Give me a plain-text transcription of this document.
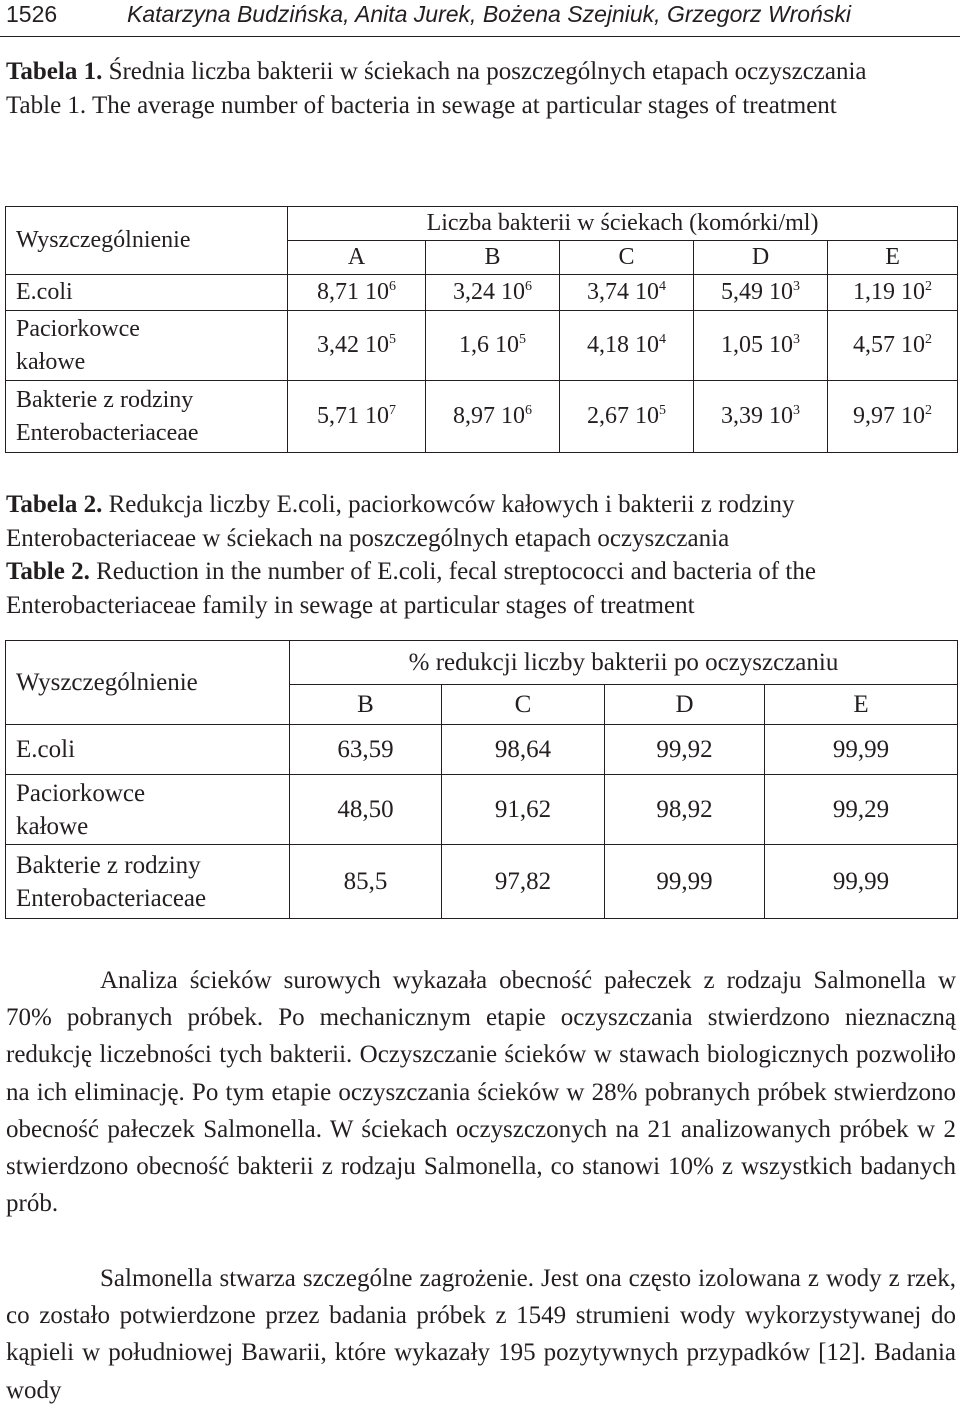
1526	Katarzyna Budzińska, Anita Jurek, Bożena Szejniuk, Grzegorz Wroński
Tabela 1. Średnia liczba bakterii w ściekach na poszczególnych etapach oczyszczania
Table 1. The average number of bacteria in sewage at particular stages of treatment
Wyszczególnienie	Liczba bakterii w ściekach (komórki/ml)				
	A	B	C	D	E
E.coli	8,71 $10^6$	3,24 $10^6$	3,74 $10^4$	5,49 $10^3$	1,19 $10^2$

Paciorkowce
kałowe	3,42 $10^5$	1,6 $10^5$	4,18 $10^4$	1,05 $10^3$	4,57 $10^2$

Bakterie z rodziny
Enterobacteriaceae	5,71 $10^7$	8,97 $10^6$	2,67 $10^5$	3,39 $10^3$	9,97 $10^2$
Tabela 2. Redukcja liczby E.coli, paciorkowców kałowych i bakterii z rodziny Enterobacteriaceae w ściekach na poszczególnych etapach oczyszczania
Table 2. Reduction in the number of E.coli, fecal streptococci and bacteria of the Enterobacteriaceae family in sewage at particular stages of treatment
Wyszczególnienie	% redukcji liczby bakterii po oczyszczaniu			
	B	C	D	E
E.coli	63,59	98,64	99,92	99,99

Paciorkowce
kałowe	48,50	91,62	98,92	99,29

Bakterie z rodziny
Enterobacteriaceae	85,5	97,82	99,99	99,99
Analiza ścieków surowych wykazała obecność pałeczek z rodzaju Salmonella w 70% pobranych próbek. Po mechanicznym etapie oczyszczania stwierdzono nieznaczną redukcję liczebności tych bakterii. Oczyszczanie ścieków w stawach biologicznych pozwoliło na ich eliminację. Po tym etapie oczyszczania ścieków w 28% pobranych próbek stwierdzono obecność pałeczek Salmonella. W ściekach oczyszczonych na 21 analizowanych próbek w 2 stwierdzono obecność bakterii z rodzaju Salmonella, co stanowi 10% z wszystkich badanych prób.
Salmonella stwarza szczególne zagrożenie. Jest ona często izolowana z wody z rzek, co zostało potwierdzone przez badania próbek z 1549 strumieni wody wykorzystywanej do kąpieli w południowej Bawarii, które wykazały 195 pozytywnych przypadków [12]. Badania wody
